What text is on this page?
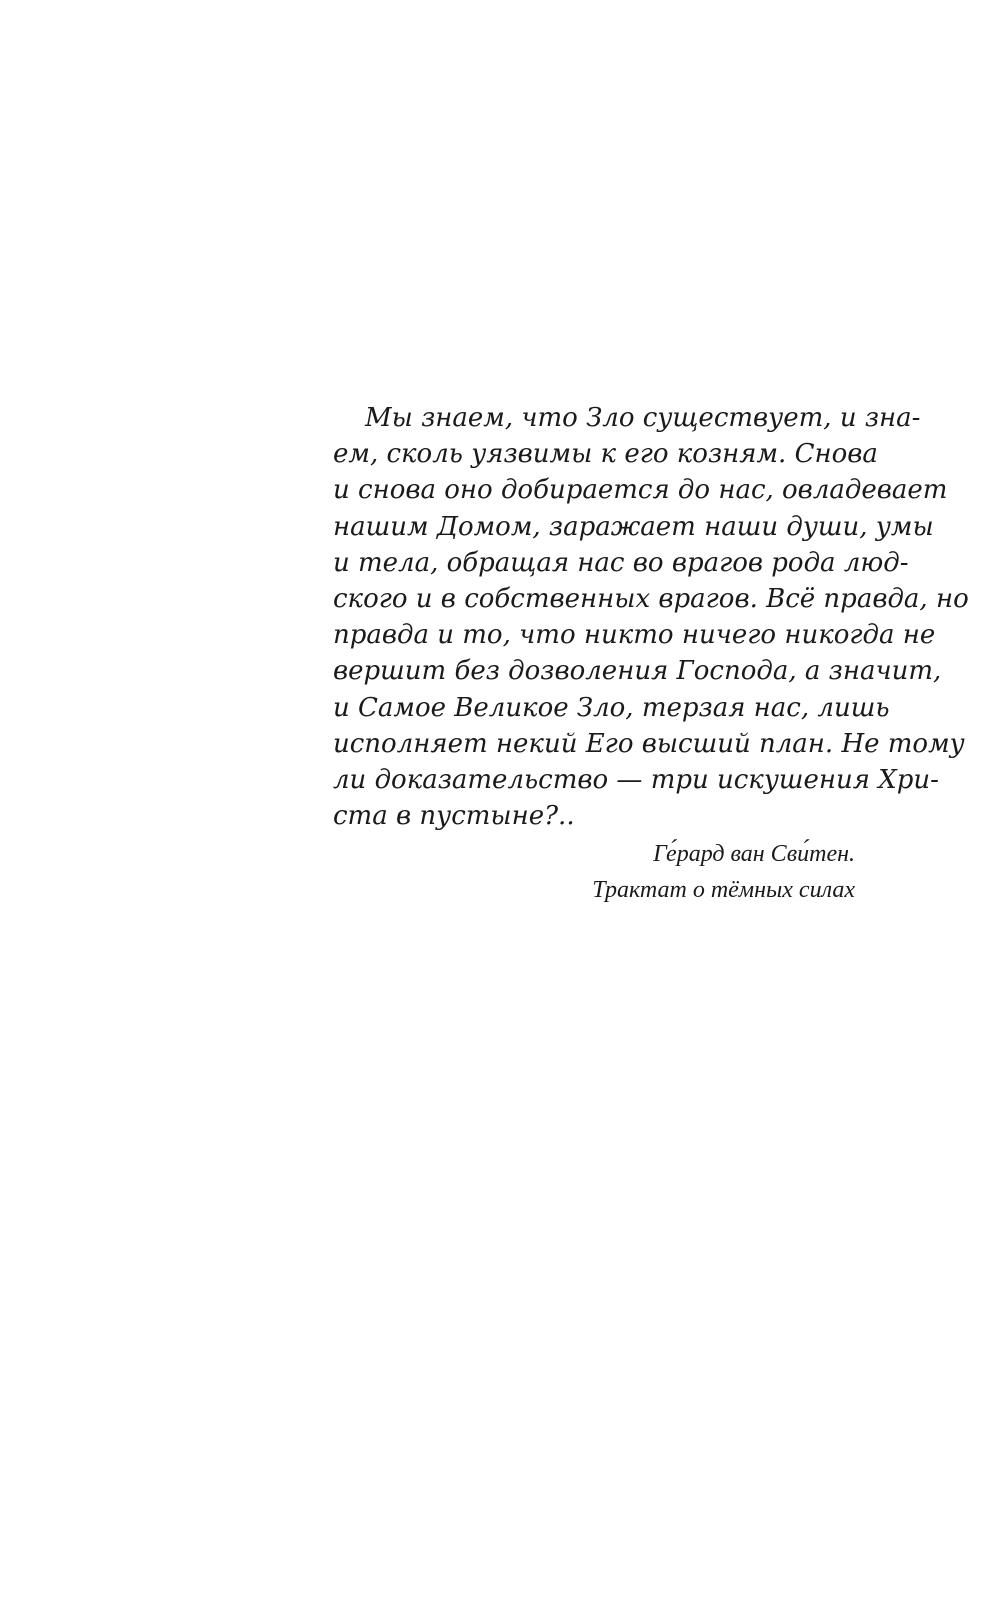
Мы знаем, что Зло существует, и зна-
ем, сколь уязвимы к его козням. Снова
и снова оно добирается до нас, овладевает
нашим Домом, заражает наши души, умы
и тела, обращая нас во врагов рода люд-
ского и в собственных врагов. Всё правда, но
правда и то, что никто ничего никогда не
вершит без дозволения Господа, а значит,
и Самое Великое Зло, терзая нас, лишь
исполняет некий Его высший план. Не тому
ли доказательство — три искушения Хри-
ста в пустыне?..

Ге́рард ван Сви́тен.
Трактат о тёмных силах
